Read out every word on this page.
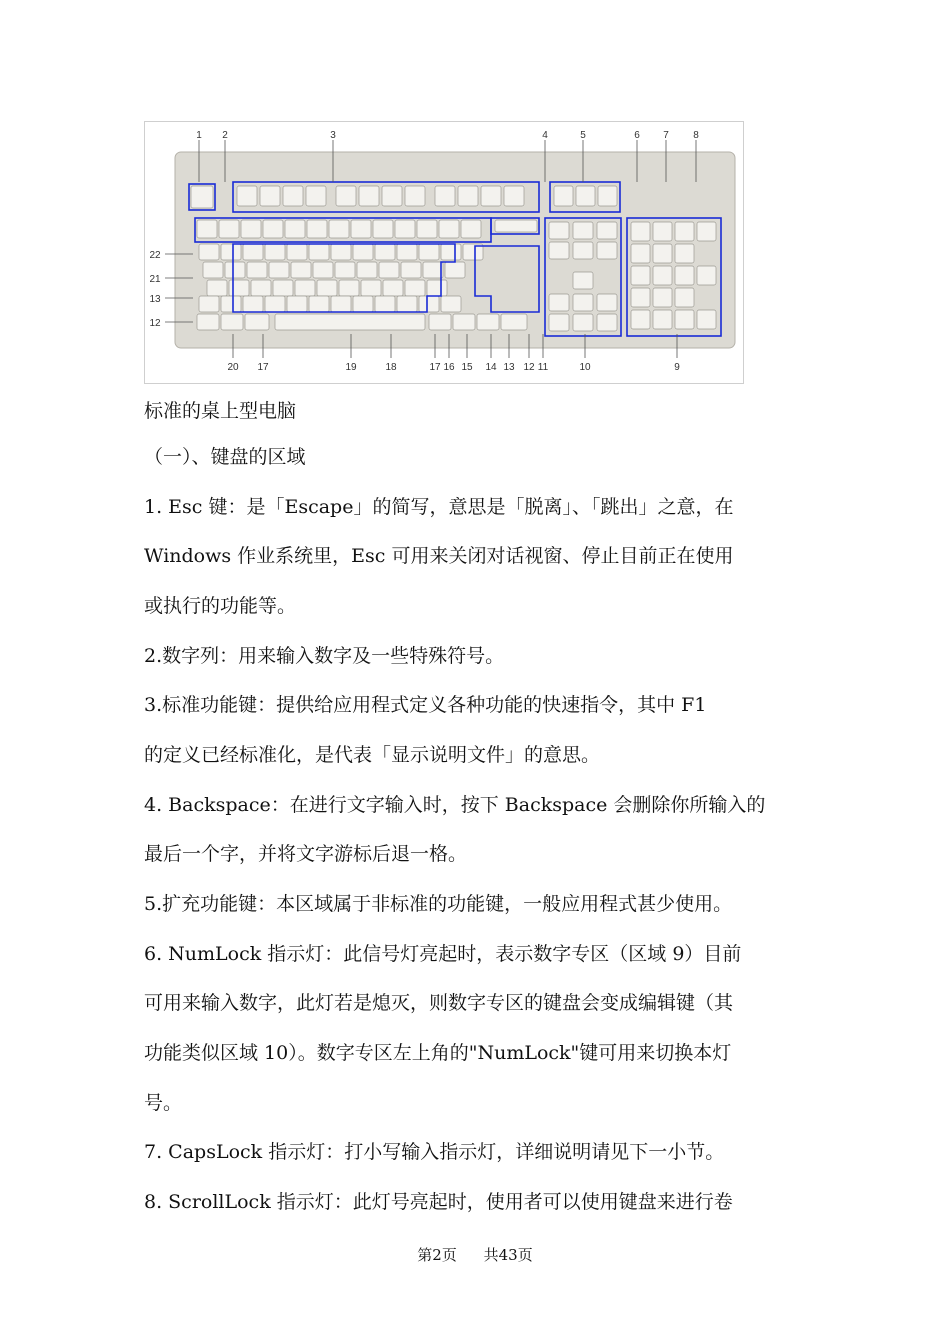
1 2	3	4	5	6 7 8
22
21
13
12
20 17	19	18	17 16 15 14 13 12 11	10	9
标准的桌上型电脑
（一）、键盘的区域
1. Esc 键：是「Escape」的简写，意思是「脱离」、「跳出」之意，在
Windows 作业系统里，Esc 可用来关闭对话视窗、停止目前正在使用
或执行的功能等。
2.数字列：用来输入数字及一些特殊符号。
3.标准功能键：提供给应用程式定义各种功能的快速指令，其中 F1
的定义已经标准化，是代表「显示说明文件」的意思。
4. Backspace：在进行文字输入时，按下 Backspace 会删除你所输入的
最后一个字，并将文字游标后退一格。
5.扩充功能键：本区域属于非标准的功能键，一般应用程式甚少使用。
6. NumLock 指示灯：此信号灯亮起时，表示数字专区（区域 9）目前
可用来输入数字，此灯若是熄灭，则数字专区的键盘会变成编辑键（其
功能类似区域 10）。数字专区左上角的"NumLock"键可用来切换本灯
号。
7. CapsLock 指示灯：打小写输入指示灯，详细说明请见下一小节。
8. ScrollLock 指示灯：此灯号亮起时，使用者可以使用键盘来进行卷
第2页 共43页
